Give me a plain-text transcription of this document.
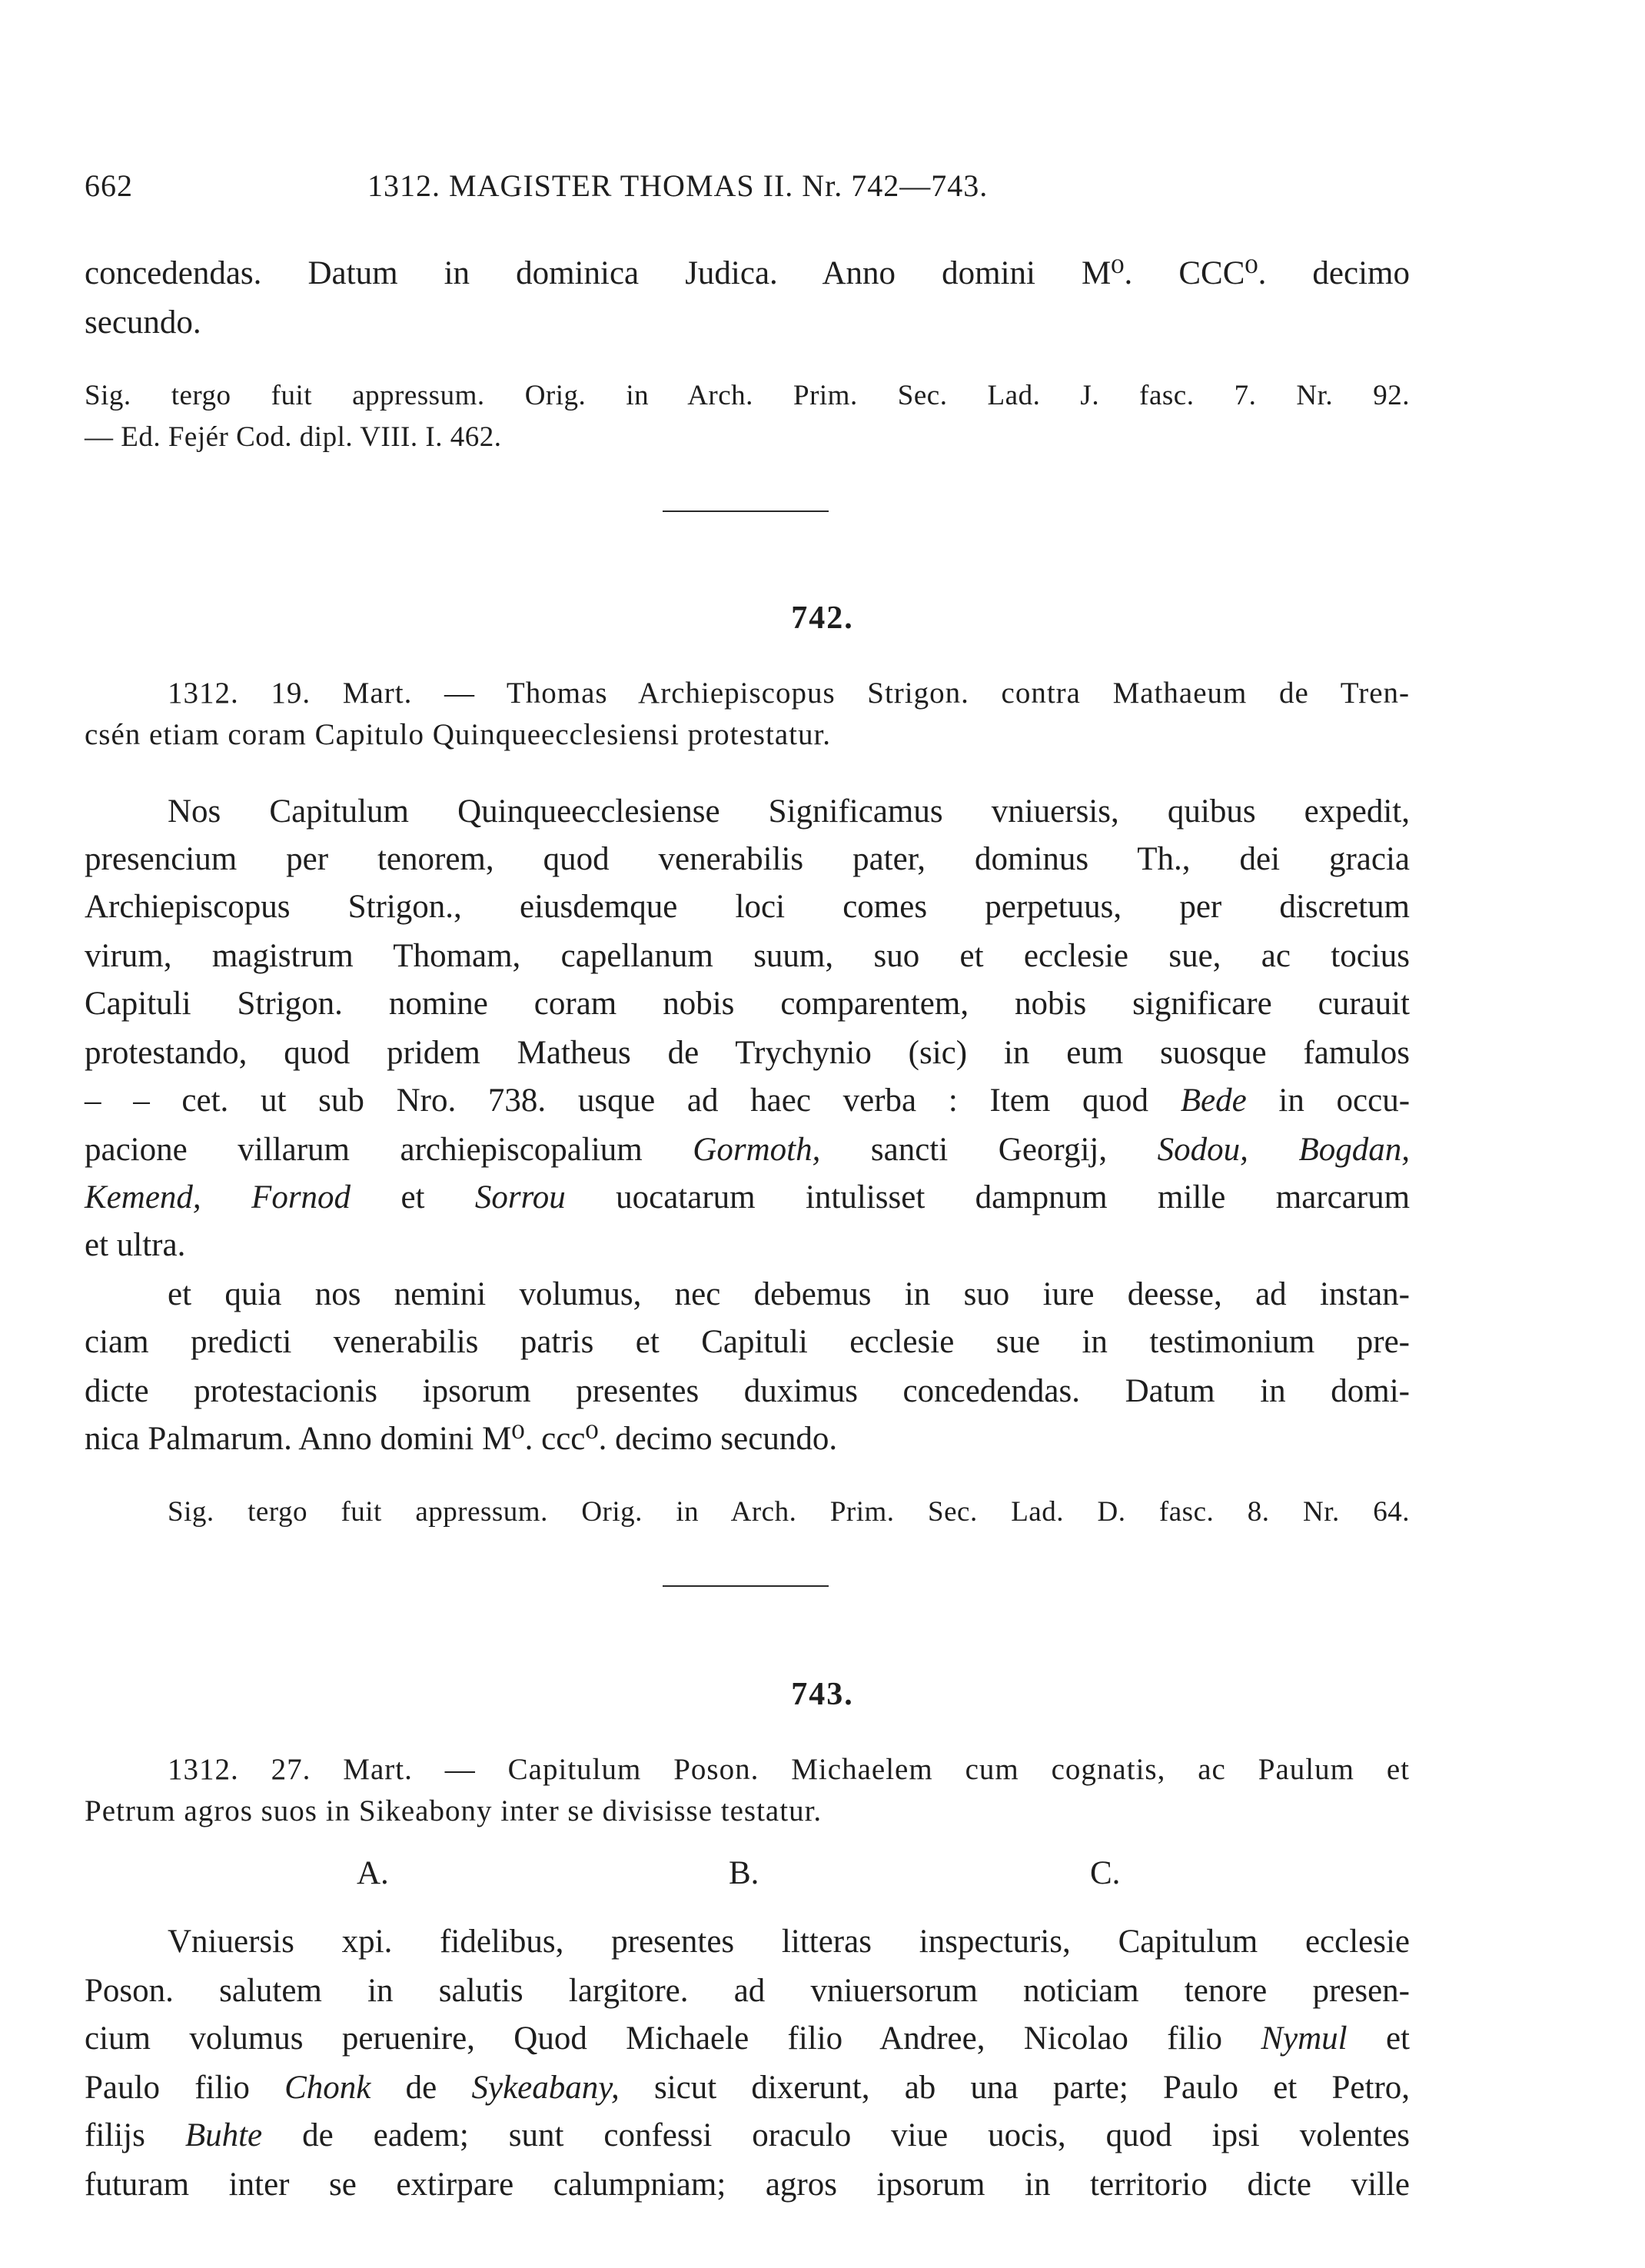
662	1312. MAGISTER THOMAS II. Nr. 742—743.
concedendas. Datum in dominica Judica. Anno domini M⁰. CCC⁰. decimo
secundo.
Sig. tergo fuit appressum. Orig. in Arch. Prim. Sec. Lad. J. fasc. 7. Nr. 92.
— Ed. Fejér Cod. dipl. VIII. I. 462.
742.
1312. 19. Mart. — Thomas Archiepiscopus Strigon. contra Mathaeum de Tren-
csén etiam coram Capitulo Quinqueecclesiensi protestatur.
Nos Capitulum Quinqueecclesiense Significamus vniuersis, quibus expedit,
presencium per tenorem, quod venerabilis pater, dominus Th., dei gracia
Archiepiscopus Strigon., eiusdemque loci comes perpetuus, per discretum
virum, magistrum Thomam, capellanum suum, suo et ecclesie sue, ac tocius
Capituli Strigon. nomine coram nobis comparentem, nobis significare curauit
protestando, quod pridem Matheus de Trychynio (sic) in eum suosque famulos
– – cet. ut sub Nro. 738. usque ad haec verba : Item quod Bede in occu-
pacione villarum archiepiscopalium Gormoth, sancti Georgij, Sodou, Bogdan,
Kemend, Fornod et Sorrou uocatarum intulisset dampnum mille marcarum
et ultra.
et quia nos nemini volumus, nec debemus in suo iure deesse, ad instan-
ciam predicti venerabilis patris et Capituli ecclesie sue in testimonium pre-
dicte protestacionis ipsorum presentes duximus concedendas. Datum in domi-
nica Palmarum. Anno domini M⁰. ccc⁰. decimo secundo.
Sig. tergo fuit appressum. Orig. in Arch. Prim. Sec. Lad. D. fasc. 8. Nr. 64.
743.
1312. 27. Mart. — Capitulum Poson. Michaelem cum cognatis, ac Paulum et
Petrum agros suos in Sikeabony inter se divisisse testatur.
A.	B.	C.
Vniuersis xpi. fidelibus, presentes litteras inspecturis, Capitulum ecclesie
Poson. salutem in salutis largitore. ad vniuersorum noticiam tenore presen-
cium volumus peruenire, Quod Michaele filio Andree, Nicolao filio Nymul et
Paulo filio Chonk de Sykeabany, sicut dixerunt, ab una parte; Paulo et Petro,
filijs Buhte de eadem; sunt confessi oraculo viue uocis, quod ipsi volentes
futuram inter se extirpare calumpniam; agros ipsorum in territorio dicte ville
